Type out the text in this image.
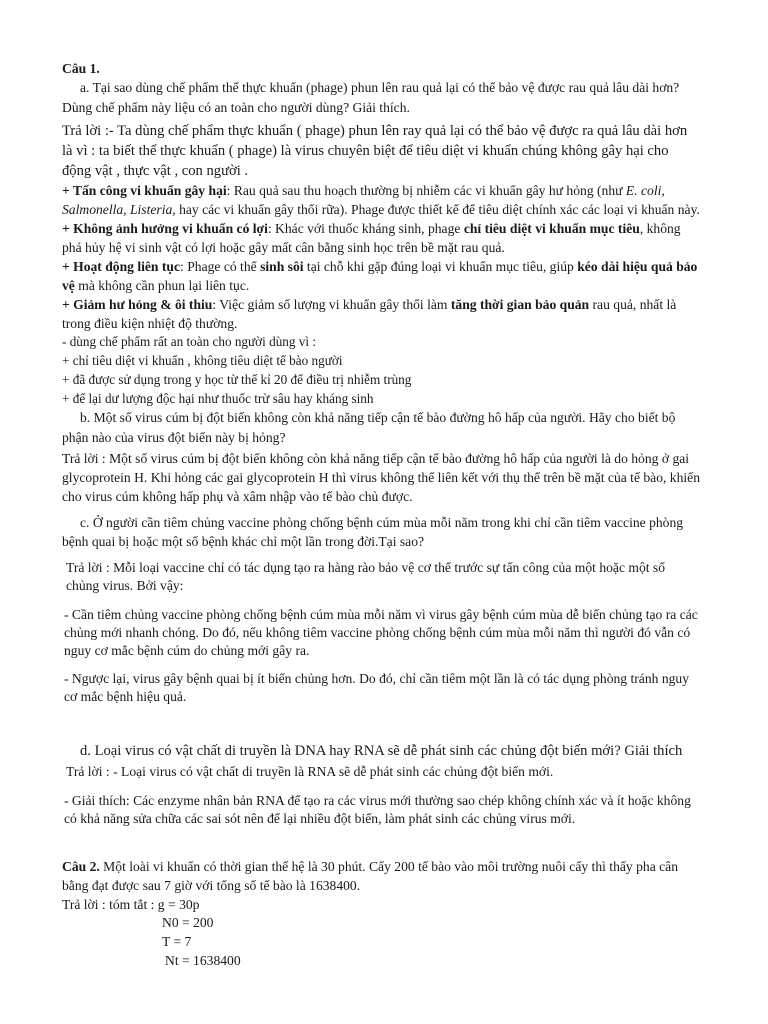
Câu 1.
a. Tại sao dùng chế phẩm thể thực khuẩn (phage) phun lên rau quả lại có thể bảo vệ được rau quả lâu dài hơn?
Dùng chế phẩm này liệu có an toàn cho người dùng? Giải thích.
Trả lời :- Ta dùng chế phẩm thực khuẩn ( phage) phun lên ray quả lại có thể bảo vệ được ra quả lâu dài hơn
là vì : ta biết thể thực khuẩn ( phage) là virus chuyên biệt để tiêu diệt vi khuẩn chúng không gây hại cho
động vật , thực vật , con người .
+ Tấn công vi khuẩn gây hại: Rau quả sau thu hoạch thường bị nhiễm các vi khuẩn gây hư hỏng (như E. coli,
Salmonella, Listeria, hay các vi khuẩn gây thối rữa). Phage được thiết kế để tiêu diệt chính xác các loại vi khuẩn này.
+ Không ảnh hưởng vi khuẩn có lợi: Khác với thuốc kháng sinh, phage chỉ tiêu diệt vi khuẩn mục tiêu, không
phá hủy hệ vi sinh vật có lợi hoặc gây mất cân bằng sinh học trên bề mặt rau quả.
+ Hoạt động liên tục: Phage có thể sinh sôi tại chỗ khi gặp đúng loại vi khuẩn mục tiêu, giúp kéo dài hiệu quả bảo
vệ mà không cần phun lại liên tục.
+ Giảm hư hỏng & ôi thiu: Việc giảm số lượng vi khuẩn gây thối làm tăng thời gian bảo quản rau quả, nhất là
trong điều kiện nhiệt độ thường.
- dùng chế phẩm rất an toàn cho người dùng vì :
+ chỉ tiêu diệt vi khuẩn , không tiêu diệt tế bào người
+ đã được sử dụng trong y học từ thế kỉ 20 để điều trị nhiễm trùng
+ để lại dư lượng độc hại như thuốc trừ sâu hay kháng sinh
b. Một số virus cúm bị đột biến không còn khả năng tiếp cận tế bào đường hô hấp của người. Hãy cho biết bộ
phận nào của virus đột biến này bị hỏng?
Trả lời : Một số virus cúm bị đột biến không còn khả năng tiếp cận tế bào đường hô hấp của người là do hỏng ở gai
glycoprotein H. Khi hỏng các gai glycoprotein H thì virus không thể liên kết với thụ thể trên bề mặt của tế bào, khiến
cho virus cúm không hấp phụ và xâm nhập vào tế bào chủ được.
c. Ở người cần tiêm chủng vaccine phòng chống bệnh cúm mùa mỗi năm trong khi chỉ cần tiêm vaccine phòng
bệnh quai bị hoặc một số bệnh khác chỉ một lần trong đời.Tại sao?
Trả lời : Mỗi loại vaccine chỉ có tác dụng tạo ra hàng rào bảo vệ cơ thể trước sự tấn công của một hoặc một số
chủng virus. Bởi vậy:
- Cần tiêm chủng vaccine phòng chống bệnh cúm mùa mỗi năm vì virus gây bệnh cúm mùa dễ biến chủng tạo ra các
chủng mới nhanh chóng. Do đó, nếu không tiêm vaccine phòng chống bệnh cúm mùa mỗi năm thì người đó vẫn có
nguy cơ mắc bệnh cúm do chủng mới gây ra.
- Ngược lại, virus gây bệnh quai bị ít biến chủng hơn. Do đó, chỉ cần tiêm một lần là có tác dụng phòng tránh nguy
cơ mắc bệnh hiệu quả.
d. Loại virus có vật chất di truyền là DNA hay RNA sẽ dễ phát sinh các chủng đột biến mới? Giải thích
Trả lời : - Loại virus có vật chất di truyền là RNA sẽ dễ phát sinh các chủng đột biến mới.
- Giải thích: Các enzyme nhân bản RNA để tạo ra các virus mới thường sao chép không chính xác và ít hoặc không
có khả năng sửa chữa các sai sót nên để lại nhiều đột biến, làm phát sinh các chủng virus mới.
Câu 2. Một loài vi khuẩn có thời gian thế hệ là 30 phút. Cấy 200 tế bào vào môi trường nuôi cấy thì thấy pha cân
bằng đạt được sau 7 giờ với tổng số tế bào là 1638400.
Trả lời : tóm tắt : g = 30p
N0 = 200
T = 7
Nt = 1638400
